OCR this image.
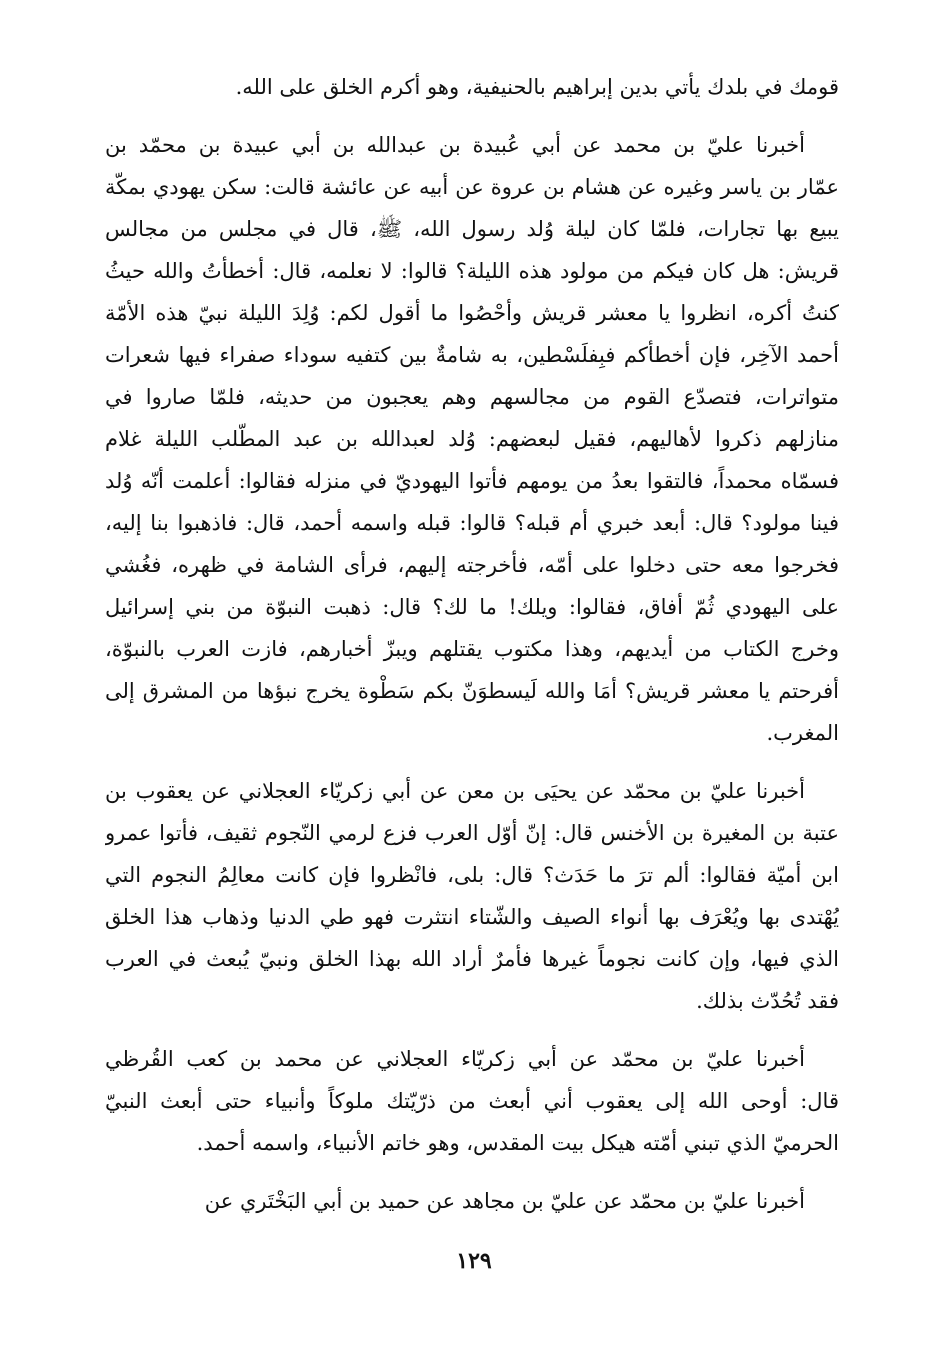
قومك في بلدك يأتي بدين إبراهيم بالحنيفية، وهو أكرم الخلق على الله.
أخبرنا عليّ بن محمد عن أبي عُبيدة بن عبدالله بن أبي عبيدة بن محمّد بن
عمّار بن ياسر وغيره عن هشام بن عروة عن أبيه عن عائشة قالت: سكن يهودي بمكّة
يبيع بها تجارات، فلمّا كان ليلة وُلد رسول الله، ﷺ، قال في مجلس من مجالس
قريش: هل كان فيكم من مولود هذه الليلة؟ قالوا: لا نعلمه، قال: أخطأتُ والله حيثُ
كنتُ أكره، انظروا يا معشر قريش وأحْصُوا ما أقول لكم: وُلِدَ الليلة نبيّ هذه الأمّة
أحمد الآخِر، فإن أخطأكم فبِفلَسْطين، به شامةٌ بين كتفيه سوداء صفراء فيها شعرات
متواترات، فتصدّع القوم من مجالسهم وهم يعجبون من حديثه، فلمّا صاروا في
منازلهم ذكروا لأهاليهم، فقيل لبعضهم: وُلد لعبدالله بن عبد المطّلب الليلة غلام
فسمّاه محمداً، فالتقوا بعدُ من يومهم فأتوا اليهوديّ في منزله فقالوا: أعلمت أنّه وُلد
فينا مولود؟ قال: أبعد خبري أم قبله؟ قالوا: قبله واسمه أحمد، قال: فاذهبوا بنا إليه،
فخرجوا معه حتى دخلوا على أمّه، فأخرجته إليهم، فرأى الشامة في ظهره، فغُشي
على اليهودي ثُمّ أفاق، فقالوا: ويلك! ما لك؟ قال: ذهبت النبوّة من بني إسرائيل
وخرج الكتاب من أيديهم، وهذا مكتوب يقتلهم ويبزّ أخبارهم، فازت العرب بالنبوّة،
أفرحتم يا معشر قريش؟ أمَا والله لَيسطوَنّ بكم سَطْوة يخرج نبؤها من المشرق إلى
المغرب.
أخبرنا عليّ بن محمّد عن يحيَى بن معن عن أبي زكريّاء العجلاني عن يعقوب بن
عتبة بن المغيرة بن الأخنس قال: إنّ أوّل العرب فزع لرمي النّجوم ثقيف، فأتوا عمرو
ابن أميّة فقالوا: ألم ترَ ما حَدَث؟ قال: بلى، فانْظروا فإن كانت معالِمُ النجوم التي
يُهْتدى بها ويُعْرَف بها أنواء الصيف والشّتاء انتثرت فهو طي الدنيا وذهاب هذا الخلق
الذي فيها، وإن كانت نجوماً غيرها فأمرٌ أراد الله بهذا الخلق ونبيّ يُبعث في العرب
فقد تُحُدّث بذلك.
أخبرنا عليّ بن محمّد عن أبي زكريّاء العجلاني عن محمد بن كعب القُرظي
قال: أوحى الله إلى يعقوب أني أبعث من ذرّيّتك ملوكاً وأنبياء حتى أبعث النبيّ
الحرميّ الذي تبني أمّته هيكل بيت المقدس، وهو خاتم الأنبياء، واسمه أحمد.
أخبرنا عليّ بن محمّد عن عليّ بن مجاهد عن حميد بن أبي البَخْتَري عن
١٢٩
